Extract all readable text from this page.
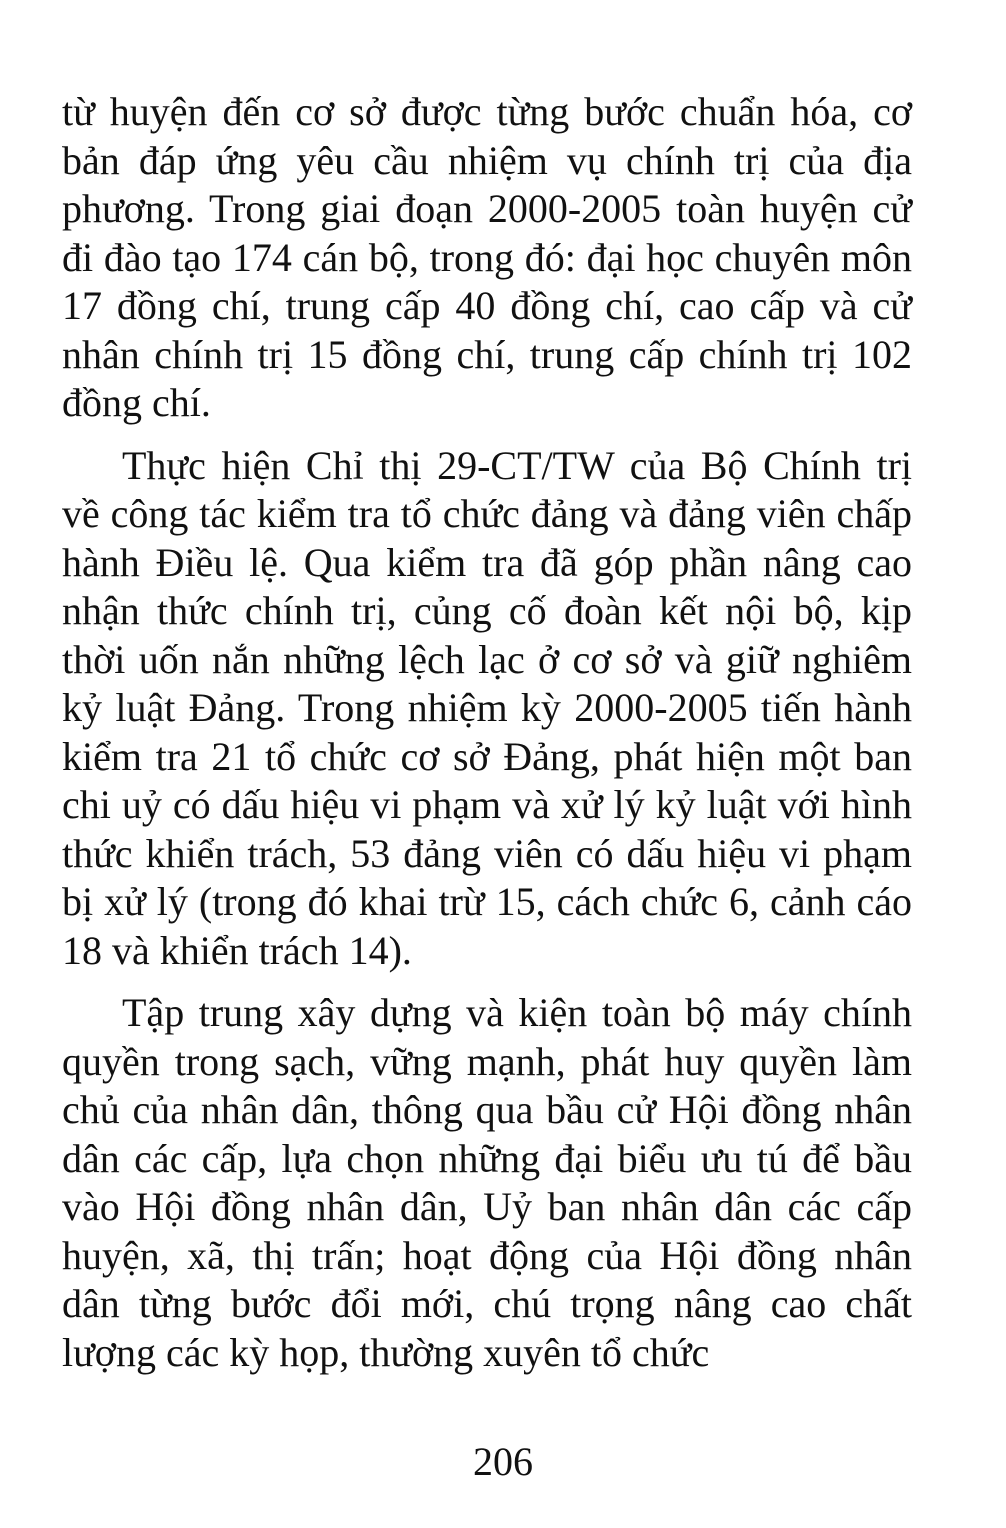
từ huyện đến cơ sở được từng bước chuẩn hóa, cơ bản đáp ứng yêu cầu nhiệm vụ chính trị của địa phương. Trong giai đoạn 2000-2005 toàn huyện cử đi đào tạo 174 cán bộ, trong đó: đại học chuyên môn 17 đồng chí, trung cấp 40 đồng chí, cao cấp và cử nhân chính trị 15 đồng chí, trung cấp chính trị 102 đồng chí.

Thực hiện Chỉ thị 29-CT/TW của Bộ Chính trị về công tác kiểm tra tổ chức đảng và đảng viên chấp hành Điều lệ. Qua kiểm tra đã góp phần nâng cao nhận thức chính trị, củng cố đoàn kết nội bộ, kịp thời uốn nắn những lệch lạc ở cơ sở và giữ nghiêm kỷ luật Đảng. Trong nhiệm kỳ 2000-2005 tiến hành kiểm tra 21 tổ chức cơ sở Đảng, phát hiện một ban chi uỷ có dấu hiệu vi phạm và xử lý kỷ luật với hình thức khiển trách, 53 đảng viên có dấu hiệu vi phạm bị xử lý (trong đó khai trừ 15, cách chức 6, cảnh cáo 18 và khiển trách 14).

Tập trung xây dựng và kiện toàn bộ máy chính quyền trong sạch, vững mạnh, phát huy quyền làm chủ của nhân dân, thông qua bầu cử Hội đồng nhân dân các cấp, lựa chọn những đại biểu ưu tú để bầu vào Hội đồng nhân dân, Uỷ ban nhân dân các cấp huyện, xã, thị trấn; hoạt động của Hội đồng nhân dân từng bước đổi mới, chú trọng nâng cao chất lượng các kỳ họp, thường xuyên tổ chức

206
